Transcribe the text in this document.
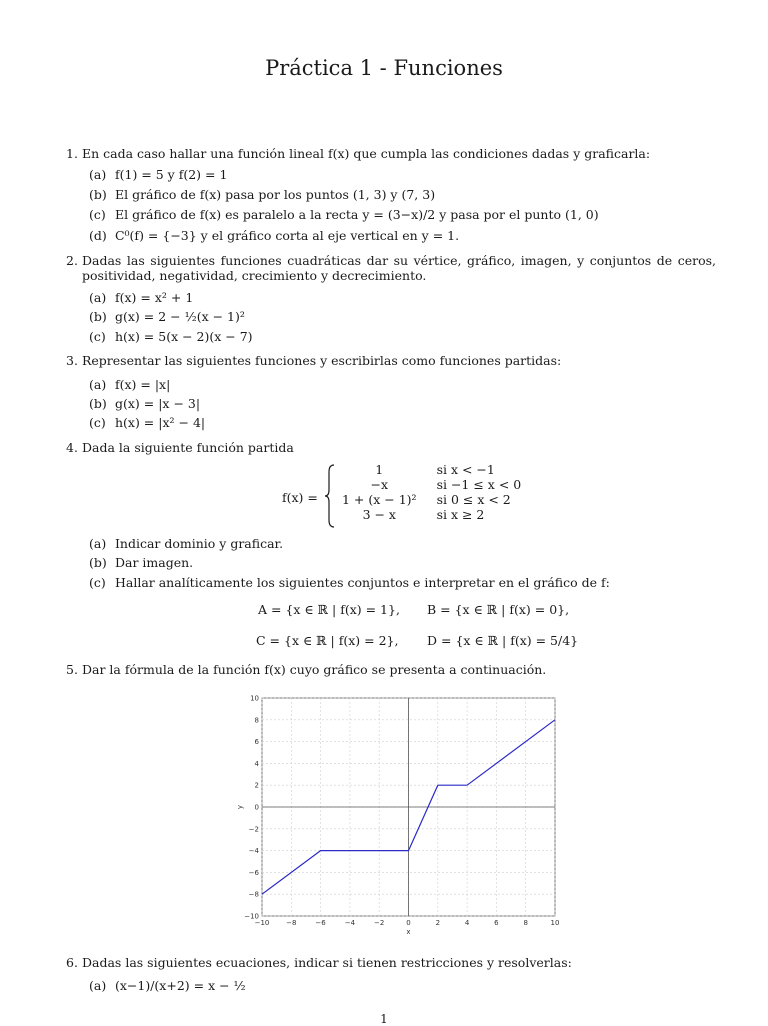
Práctica 1 - Funciones
1. En cada caso hallar una función lineal f(x) que cumpla las condiciones dadas y graficarla:
(a) f(1) = 5 y f(2) = 1
(b) El gráfico de f(x) pasa por los puntos (1, 3) y (7, 3)
(c) El gráfico de f(x) es paralelo a la recta y = (3−x)/2 y pasa por el punto (1, 0)
(d) C⁰(f) = {−3} y el gráfico corta al eje vertical en y = 1.
2. Dadas las siguientes funciones cuadráticas dar su vértice, gráfico, imagen, y conjuntos de ceros, positividad, negatividad, crecimiento y decrecimiento.
(a) f(x) = x² + 1
(b) g(x) = 2 − ½(x − 1)²
(c) h(x) = 5(x − 2)(x − 7)
3. Representar las siguientes funciones y escribirlas como funciones partidas:
(a) f(x) = |x|
(b) g(x) = |x − 3|
(c) h(x) = |x² − 4|
4. Dada la siguiente función partida
f(x) =
1	si x < −1
−x	si −1 ≤ x < 0
1 + (x − 1)²	si 0 ≤ x < 2
3 − x	si x ≥ 2
(a) Indicar dominio y graficar.
(b) Dar imagen.
(c) Hallar analíticamente los siguientes conjuntos e interpretar en el gráfico de f:
A = {x ∈ ℝ | f(x) = 1}, B = {x ∈ ℝ | f(x) = 0},
C = {x ∈ ℝ | f(x) = 2}, D = {x ∈ ℝ | f(x) = 5/4}
5. Dar la fórmula de la función f(x) cuyo gráfico se presenta a continuación.
−10 −8	−6	−4	−2	0	2	4	6	8	10
−10
−8
−6
−4
−2
0
2
4
6
8
10
x
y
6. Dadas las siguientes ecuaciones, indicar si tienen restricciones y resolverlas:
(a) (x−1)/(x+2) = x − ½
1
